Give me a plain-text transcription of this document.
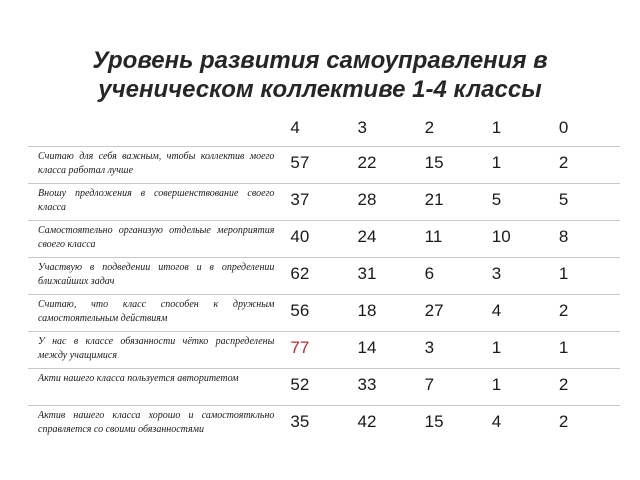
Уровень развития самоуправления в
ученическом коллективе 1-4 классы
	4	3	2	1	0
Считаю для себя важным, чтобы коллектив моего класса работал лучше	57	22	15	1	2
Вношу предложения в совершенствование своего класса	37	28	21	5	5
Самостоятельно организую отдельые мероприятия своего класса	40	24	11	10	8
Участвую в подведении итогов и в определении ближайших задач	62	31	6	3	1
Считаю, что класс способен к дружным самостоятельным действиям	56	18	27	4	2
У нас в классе обязанности чётко распределены между учащимися	77	14	3	1	1
Акти нашего класса пользуется авторитетом	52	33	7	1	2
Актив нашего класса хорошо и самостояткльно справляется со своими обязанностями	35	42	15	4	2
